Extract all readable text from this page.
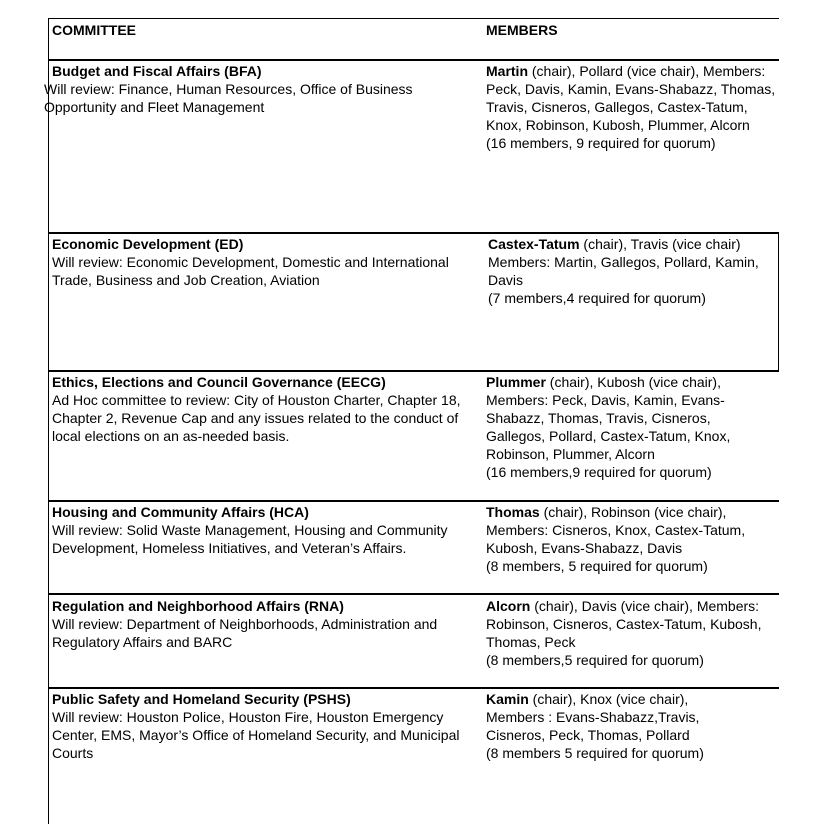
COMMITTEE	MEMBERS
Budget and Fiscal Affairs (BFA)
Will review: Finance, Human Resources, Office of Business
Opportunity and Fleet Management
Martin (chair), Pollard (vice chair), Members: Peck, Davis, Kamin, Evans-Shabazz, Thomas, Travis, Cisneros, Gallegos, Castex-Tatum, Knox, Robinson, Kubosh, Plummer, Alcorn
(16 members, 9 required for quorum)
Economic Development (ED)
Will review: Economic Development, Domestic and International Trade, Business and Job Creation, Aviation
Castex-Tatum (chair), Travis (vice chair) Members: Martin, Gallegos, Pollard, Kamin, Davis
(7 members,4 required for quorum)
Ethics, Elections and Council Governance (EECG)
Ad Hoc committee to review: City of Houston Charter, Chapter 18, Chapter 2, Revenue Cap and any issues related to the conduct of local elections on an as-needed basis.
Plummer (chair), Kubosh (vice chair), Members: Peck, Davis, Kamin, Evans-Shabazz, Thomas, Travis, Cisneros, Gallegos, Pollard, Castex-Tatum, Knox, Robinson, Plummer, Alcorn
(16 members,9 required for quorum)
Housing and Community Affairs (HCA)
Will review: Solid Waste Management, Housing and Community Development, Homeless Initiatives, and Veteran’s Affairs.
Thomas (chair), Robinson (vice chair), Members: Cisneros, Knox, Castex-Tatum, Kubosh, Evans-Shabazz, Davis
(8 members, 5 required for quorum)
Regulation and Neighborhood Affairs (RNA)
Will review: Department of Neighborhoods, Administration and Regulatory Affairs and BARC
Alcorn (chair), Davis (vice chair), Members: Robinson, Cisneros, Castex-Tatum, Kubosh, Thomas, Peck
(8 members,5 required for quorum)
Public Safety and Homeland Security (PSHS)
Will review: Houston Police, Houston Fire, Houston Emergency Center, EMS, Mayor’s Office of Homeland Security, and Municipal Courts
Kamin (chair), Knox (vice chair), Members : Evans-Shabazz,Travis, Cisneros, Peck, Thomas, Pollard
(8 members 5 required for quorum)
